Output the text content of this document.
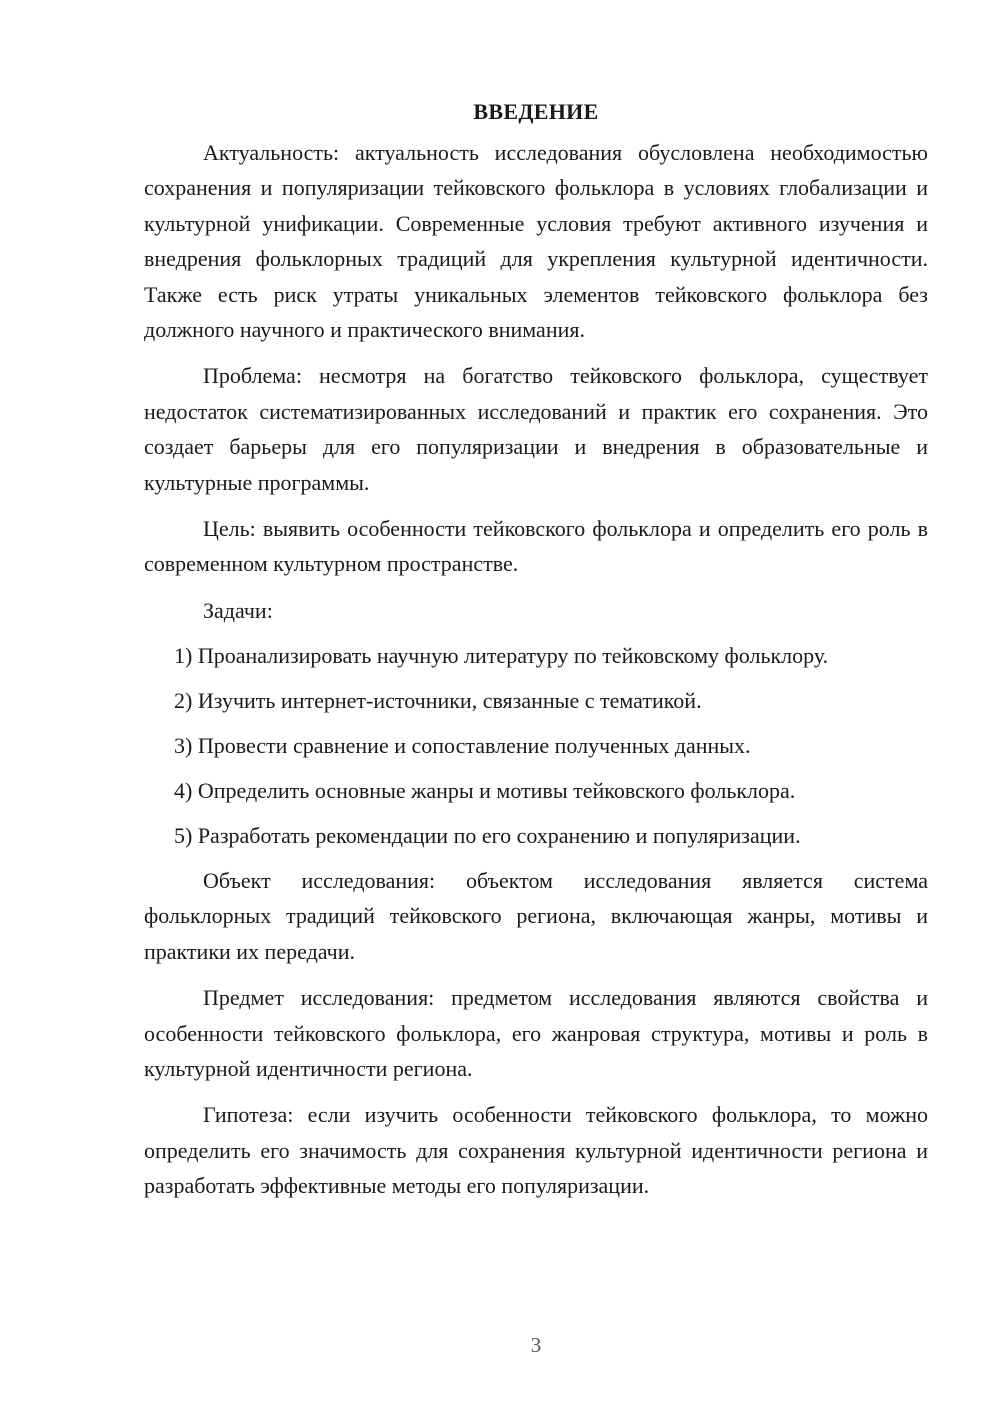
ВВЕДЕНИЕ

Актуальность: актуальность исследования обусловлена необходимостью сохранения и популяризации тейковского фольклора в условиях глобализации и культурной унификации. Современные условия требуют активного изучения и внедрения фольклорных традиций для укрепления культурной идентичности. Также есть риск утраты уникальных элементов тейковского фольклора без должного научного и практического внимания.

Проблема: несмотря на богатство тейковского фольклора, существует недостаток систематизированных исследований и практик его сохранения. Это создает барьеры для его популяризации и внедрения в образовательные и культурные программы.

Цель: выявить особенности тейковского фольклора и определить его роль в современном культурном пространстве.

Задачи:
1) Проанализировать научную литературу по тейковскому фольклору.
2) Изучить интернет-источники, связанные с тематикой.
3) Провести сравнение и сопоставление полученных данных.
4) Определить основные жанры и мотивы тейковского фольклора.
5) Разработать рекомендации по его сохранению и популяризации.

Объект исследования: объектом исследования является система фольклорных традиций тейковского региона, включающая жанры, мотивы и практики их передачи.

Предмет исследования: предметом исследования являются свойства и особенности тейковского фольклора, его жанровая структура, мотивы и роль в культурной идентичности региона.

Гипотеза: если изучить особенности тейковского фольклора, то можно определить его значимость для сохранения культурной идентичности региона и разработать эффективные методы его популяризации.

3
